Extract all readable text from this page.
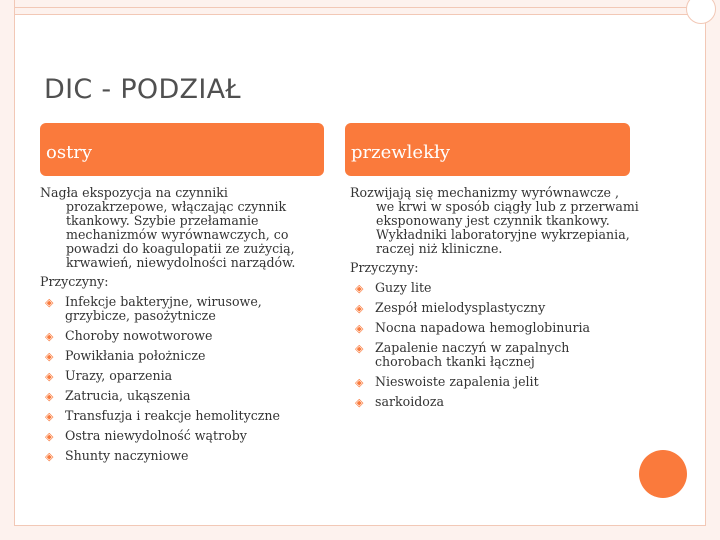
DIC - PODZIAŁ
ostry	przewlekły
Nagła ekspozycja na czynniki prozakrzepowe, włączając czynnik tkankowy. Szybie przełamanie mechanizmów wyrównawczych, co powadzi do koagulopatii ze zużycią, krwawień, niewydolności narządów.
Przyczyny:
◈ Infekcje bakteryjne, wirusowe, grzybicze, pasożytnicze
◈ Choroby nowotworowe
◈ Powikłania położnicze
◈ Urazy, oparzenia
◈ Zatrucia, ukąszenia
◈ Transfuzja i reakcje hemolityczne
◈ Ostra niewydolność wątroby
◈ Shunty naczyniowe
Rozwijają się mechanizmy wyrównawcze , we krwi w sposób ciągły lub z przerwami eksponowany jest czynnik tkankowy. Wykładniki laboratoryjne wykrzepiania, raczej niż kliniczne.
Przyczyny:
◈ Guzy lite
◈ Zespół mielodysplastyczny
◈ Nocna napadowa hemoglobinuria
◈ Zapalenie naczyń w zapalnych chorobach tkanki łącznej
◈ Nieswoiste zapalenia jelit
◈ sarkoidoza
